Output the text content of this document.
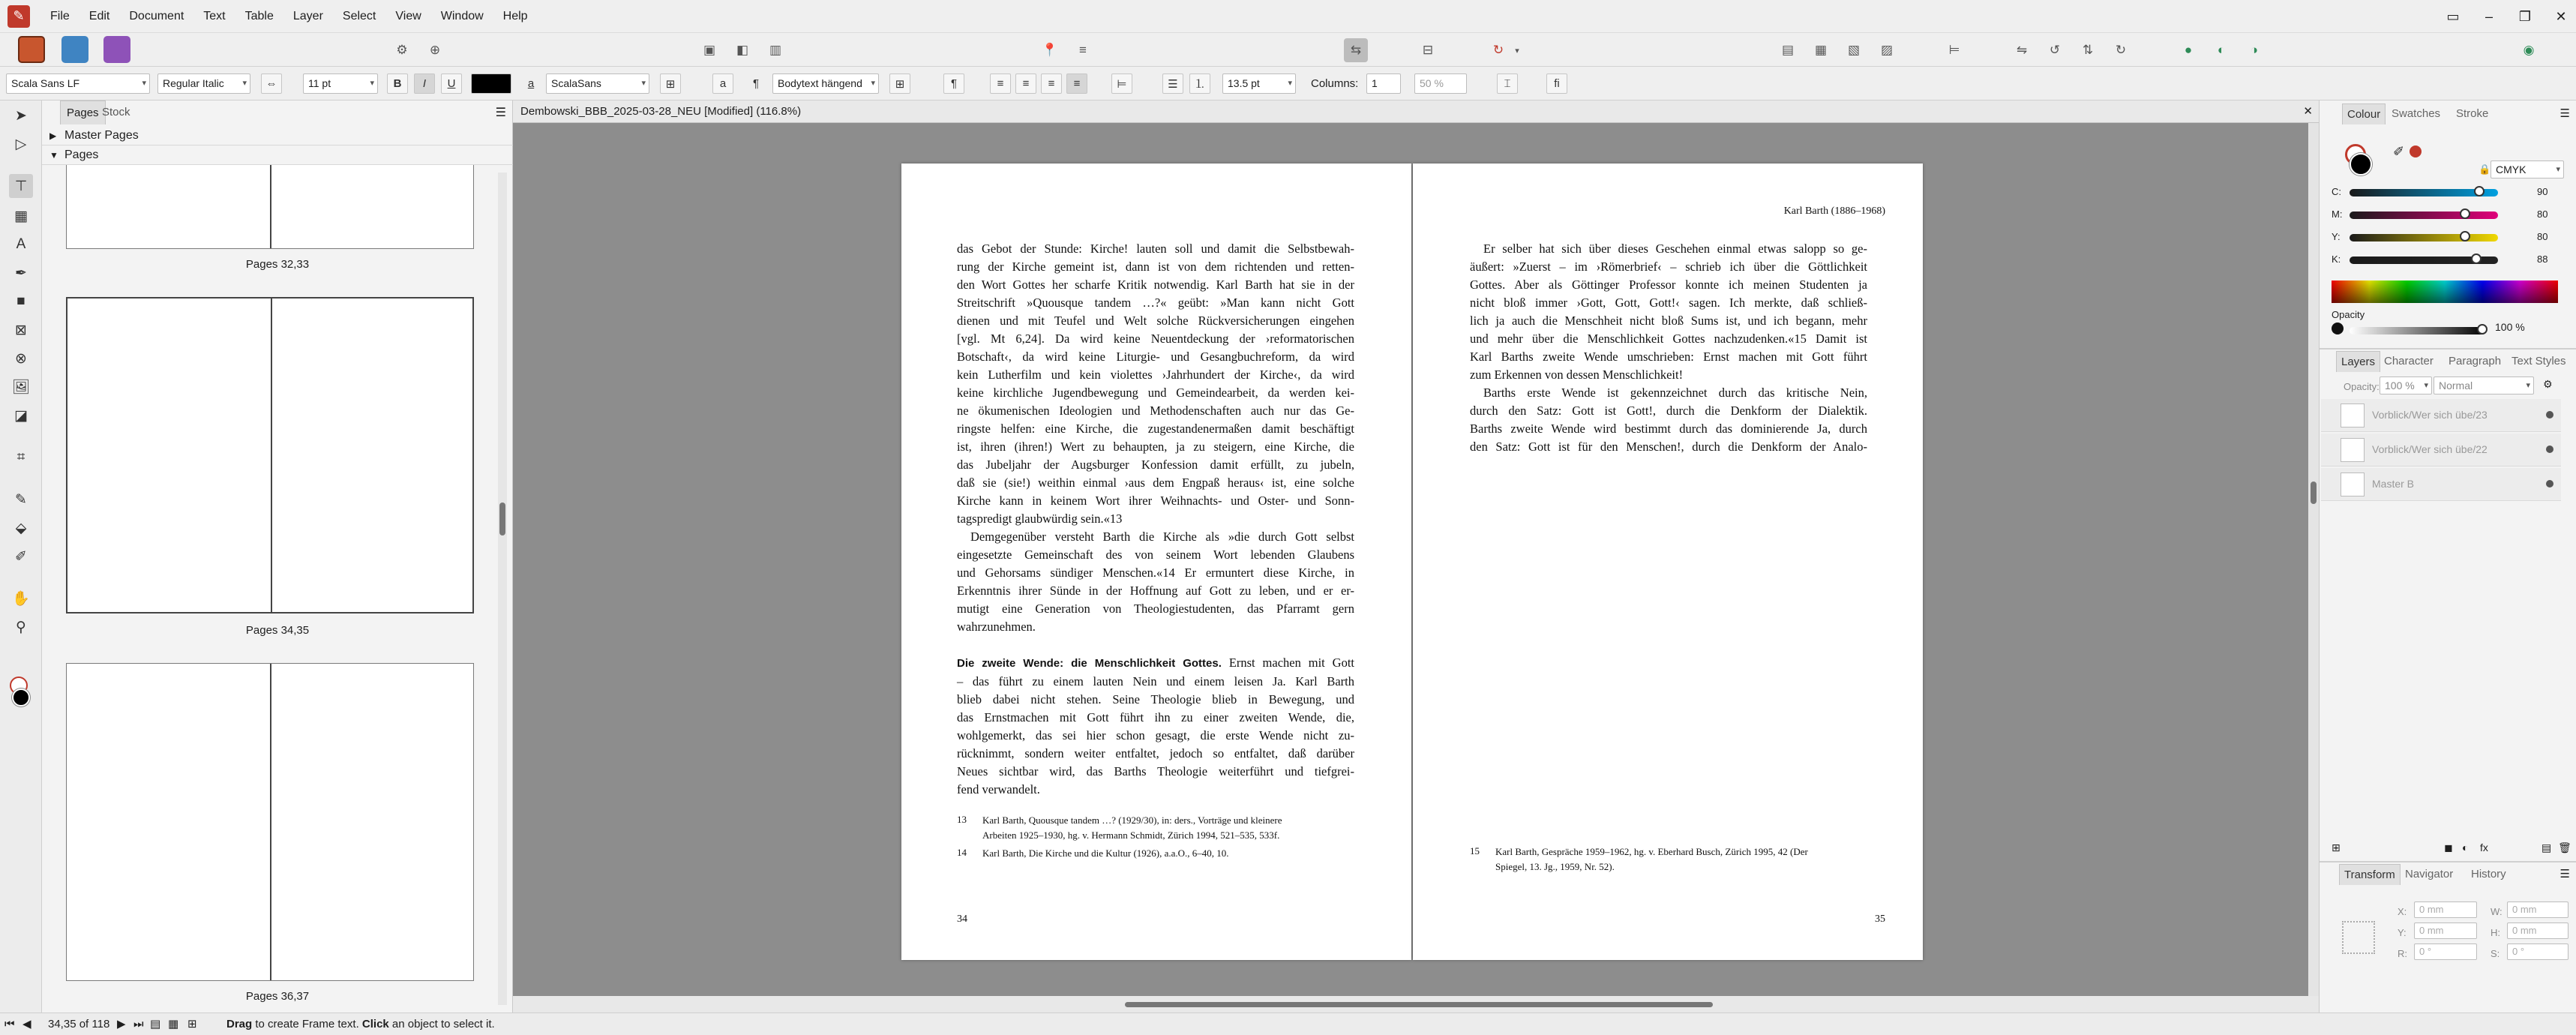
✎	File	Edit	Document	Text	Table	Layer	Select	View	Window	Help	▭	–	❐	✕
⚙	⊕	▣	◧	▥	📍	≡	⇆	⊟	↻	▾	▤	▦	▧	▨	⊨	⇋	↺	⇅	↻	●	◐	◑	◉
Scala Sans LF	▾	Regular Italic ▾	⇔	11 pt	▾ B I U	a	ScalaSans	▾	⊞	a ¶	Bodytext hängend ▾	⊞	¶	≡	≡	≡	≡	⊨	☰	⒈	13.5 pt	▾ Columns:	1	50 %	⌶	fi
➤
▷
⊤
▦
A
✒
■
⊠
⊗
🖼
◪
⌗
✎
⬙
✐
✋
⚲
Pages Stock	☰
▶ Master Pages
▼ Pages
Pages 32,33
Pages 34,35
Pages 36,37
Dembowski_BBB_2025-03-28_NEU [Modified] (116.8%)	✕
das Gebot der Stunde: Kirche! lauten soll und damit die Selbstbewah-
rung der Kirche gemeint ist, dann ist von dem richtenden und retten-
den Wort Gottes her scharfe Kritik notwendig. Karl Barth hat sie in der
Streitschrift »Quousque tandem …?« geübt: »Man kann nicht Gott
dienen und mit Teufel und Welt solche Rückversicherungen eingehen
[vgl. Mt 6,24]. Da wird keine Neuentdeckung der ›reformatorischen
Botschaft‹, da wird keine Liturgie- und Gesangbuchreform, da wird
kein Lutherfilm und kein violettes ›Jahrhundert der Kirche‹, da wird
keine kirchliche Jugendbewegung und Gemeindearbeit, da werden kei-
ne ökumenischen Ideologien und Methodenschaften auch nur das Ge-
ringste helfen: eine Kirche, die zugestandenermaßen damit beschäftigt
ist, ihren (ihren!) Wert zu behaupten, ja zu steigern, eine Kirche, die
das Jubeljahr der Augsburger Konfession damit erfüllt, zu jubeln,
daß sie (sie!) weithin einmal ›aus dem Engpaß heraus‹ ist, eine solche
Kirche kann in keinem Wort ihrer Weihnachts- und Oster- und Sonn-
tagspredigt glaubwürdig sein.«13
Demgegenüber versteht Barth die Kirche als »die durch Gott selbst
eingesetzte Gemeinschaft des von seinem Wort lebenden Glaubens
und Gehorsams sündiger Menschen.«14 Er ermuntert diese Kirche, in
Erkenntnis ihrer Sünde in der Hoffnung auf Gott zu leben, und er er-
mutigt eine Generation von Theologiestudenten, das Pfarramt gern
wahrzunehmen.
Die zweite Wende: die Menschlichkeit Gottes. Ernst machen mit Gott
– das führt zu einem lauten Nein und einem leisen Ja. Karl Barth
blieb dabei nicht stehen. Seine Theologie blieb in Bewegung, und
das Ernstmachen mit Gott führt ihn zu einer zweiten Wende, die,
wohlgemerkt, das sei hier schon gesagt, die erste Wende nicht zu-
rücknimmt, sondern weiter entfaltet, jedoch so entfaltet, daß darüber
Neues sichtbar wird, das Barths Theologie weiterführt und tiefgrei-
fend verwandelt.
13 Karl Barth, Quousque tandem …? (1929/30), in: ders., Vorträge und kleinere
Arbeiten 1925–1930, hg. v. Hermann Schmidt, Zürich 1994, 521–535, 533f.
14 Karl Barth, Die Kirche und die Kultur (1926), a.a.O., 6–40, 10.
34
Karl Barth (1886–1968)
Er selber hat sich über dieses Geschehen einmal etwas salopp so ge-
äußert: »Zuerst – im ›Römerbrief‹ – schrieb ich über die Göttlichkeit
Gottes. Aber als Göttinger Professor konnte ich meinen Studenten ja
nicht bloß immer ›Gott, Gott, Gott!‹ sagen. Ich merkte, daß schließ-
lich ja auch die Menschheit nicht bloß Sums ist, und ich begann, mehr
und mehr über die Menschlichkeit Gottes nachzudenken.«15 Damit ist
Karl Barths zweite Wende umschrieben: Ernst machen mit Gott führt
zum Erkennen von dessen Menschlichkeit!
Barths erste Wende ist gekennzeichnet durch das kritische Nein,
durch den Satz: Gott ist Gott!, durch die Denkform der Dialektik.
Barths zweite Wende wird bestimmt durch das dominierende Ja, durch
den Satz: Gott ist für den Menschen!, durch die Denkform der Analo-
15 Karl Barth, Gespräche 1959–1962, hg. v. Eberhard Busch, Zürich 1995, 42 (Der
Spiegel, 13. Jg., 1959, Nr. 52).
35
Colour Swatches	Stroke	☰
✐
🔒 CMYK	▾
C:	90
M:	80
Y:	80
K:	88
Opacity
100 %
Layers Character	Paragraph Text Styles
Opacity: 100 % ▾	Normal	▾ ⚙
Vorblick/Wer sich übe/23
Vorblick/Wer sich übe/22
Master B
⊞	◼ ◐ fx	▤ 🗑
Transform Navigator	History	☰
X:	0 mm	W:	0 mm
Y:	0 mm	H:	0 mm
R:	0 °	S:	0 °
⏮ ◀ 34,35 of 118 ▶ ⏭ ▤ ▦ ⊞	Drag to create Frame text. Click an object to select it.
